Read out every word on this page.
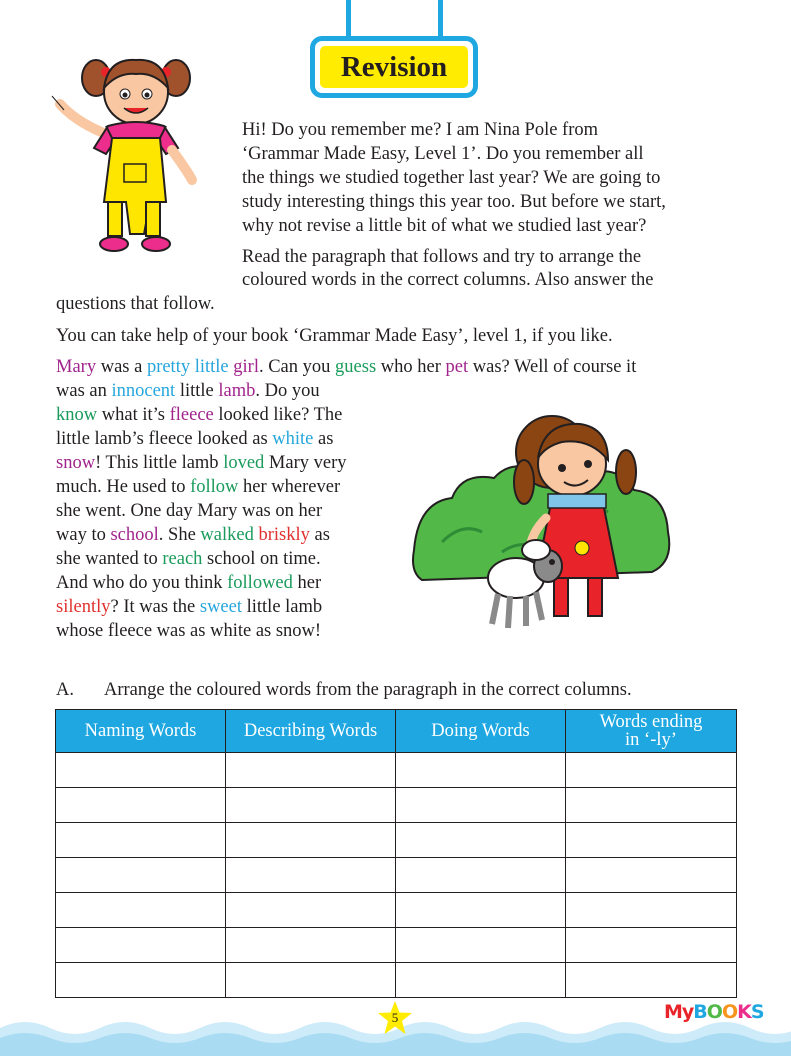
Revision
Hi! Do you remember me? I am Nina Pole from
‘Grammar Made Easy, Level 1’. Do you remember all
the things we studied together last year? We are going to
study interesting things this year too. But before we start,
why not revise a little bit of what we studied last year?
Read the paragraph that follows and try to arrange the
coloured words in the correct columns. Also answer the
questions that follow.
You can take help of your book ‘Grammar Made Easy’, level 1, if you like.
Mary was a pretty little girl. Can you guess who her pet was? Well of course it
was an innocent little lamb. Do you
know what it’s fleece looked like? The
little lamb’s fleece looked as white as
snow! This little lamb loved Mary very
much. He used to follow her wherever
she went. One day Mary was on her
way to school. She walked briskly as
she wanted to reach school on time.
And who do you think followed her
silently? It was the sweet little lamb
whose fleece was as white as snow!
A. Arrange the coloured words from the paragraph in the correct columns.
Naming Words	Describing Words	Doing Words	Words ending
in ‘-ly’

5	MyBOOKS
